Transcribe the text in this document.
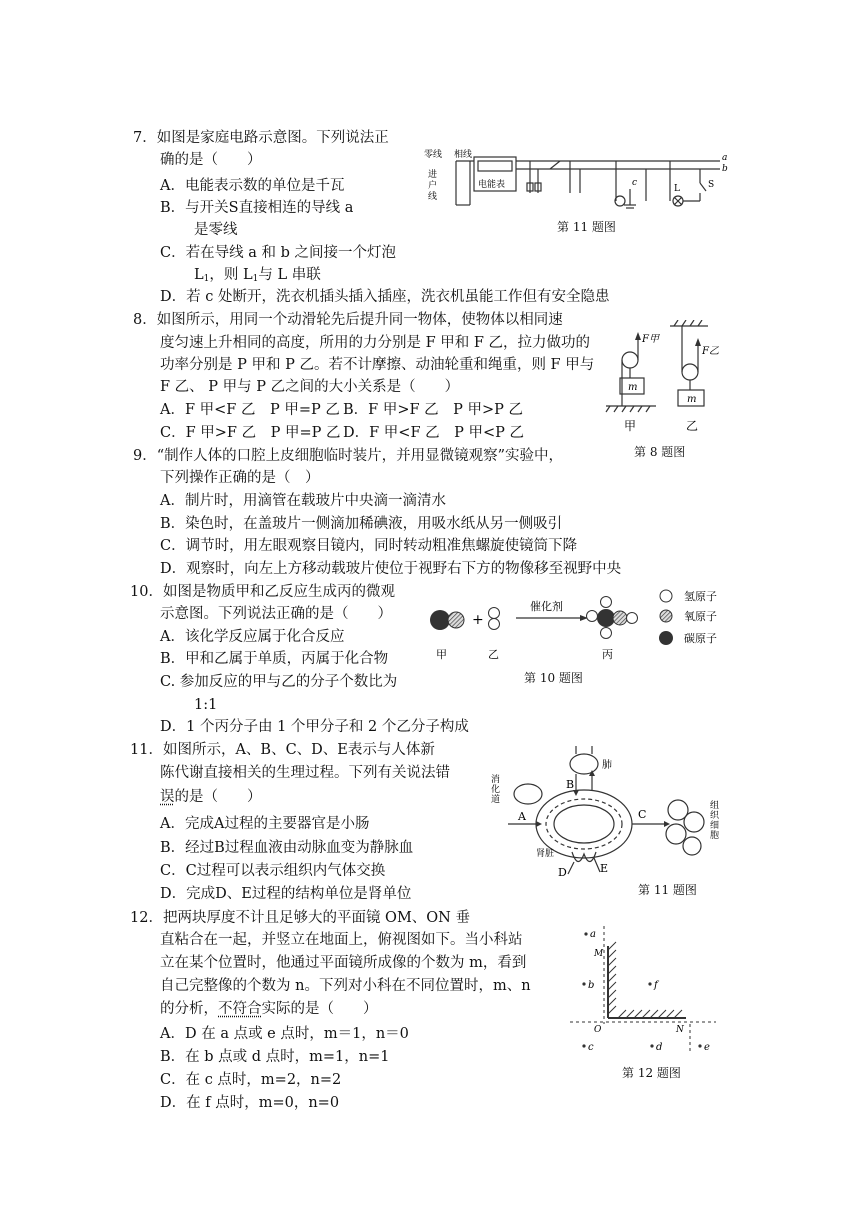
7．如图是家庭电路示意图。下列说法正
确的是（　　）
A．电能表示数的单位是千瓦
B．与开关S直接相连的导线 a
是零线
C．若在导线 a 和 b 之间接一个灯泡
$L_1$，则 $L_1$与 L 串联
D．若 c 处断开，洗衣机插头插入插座，洗衣机虽能工作但有安全隐患
零线 相线
电能表
进
户
线
a
b
c
L	S
第 11 题图
8．如图所示，用同一个动滑轮先后提升同一物体，使物体以相同速
度匀速上升相同的高度，所用的力分别是 F 甲和 F 乙，拉力做功的
功率分别是 P 甲和 P 乙。若不计摩擦、动油轮重和绳重，则 F 甲与
F 乙、 P 甲与 P 乙之间的大小关系是（　　）
A．F 甲<F 乙　P 甲=P 乙 B．F 甲>F 乙　P 甲>P 乙
C．F 甲>F 乙　P 甲=P 乙 D．F 甲<F 乙　P 甲<P 乙
F甲
F乙
m
m
甲	乙
第 8 题图
9．“制作人体的口腔上皮细胞临时装片，并用显微镜观察”实验中，
下列操作正确的是（　）
A．制片时，用滴管在载玻片中央滴一滴清水
B．染色时，在盖玻片一侧滴加稀碘液，用吸水纸从另一侧吸引
C．调节时，用左眼观察目镜内，同时转动粗准焦螺旋使镜筒下降
D．观察时，向左上方移动载玻片使位于视野右下方的物像移至视野中央
10．如图是物质甲和乙反应生成丙的微观
示意图。下列说法正确的是（　　）
A．该化学反应属于化合反应
B．甲和乙属于单质，丙属于化合物
C. 参加反应的甲与乙的分子个数比为
1:1
D．1 个丙分子由 1 个甲分子和 2 个乙分子构成
+
催化剂
氢原子
氧原子
碳原子
甲	乙	丙
第 10 题图
11．如图所示，A、B、C、D、E表示与人体新
陈代谢直接相关的生理过程。下列有关说法错
误的是（　　）
A．完成A过程的主要器官是小肠
B．经过B过程血液由动脉血变为静脉血
C．C过程可以表示组织内气体交换
D．完成D、E过程的结构单位是肾单位
消
化
道
肺
肾脏
组
织
细
胞
A
B
C
D	E
第 11 题图
12．把两块厚度不计且足够大的平面镜 OM、ON 垂
直粘合在一起，并竖立在地面上，俯视图如下。当小科站
立在某个位置时，他通过平面镜所成像的个数为 m，看到
自己完整像的个数为 n。下列对小科在不同位置时，m、n
的分析，不符合实际的是（　　）
A．D 在 a 点或 e 点时，m＝1，n＝0
B．在 b 点或 d 点时，m=1，n=1
C．在 c 点时，m=2，n=2
D．在 f 点时，m=0，n=0
a
b	f
c	d	e
M
O	N
第 12 题图
